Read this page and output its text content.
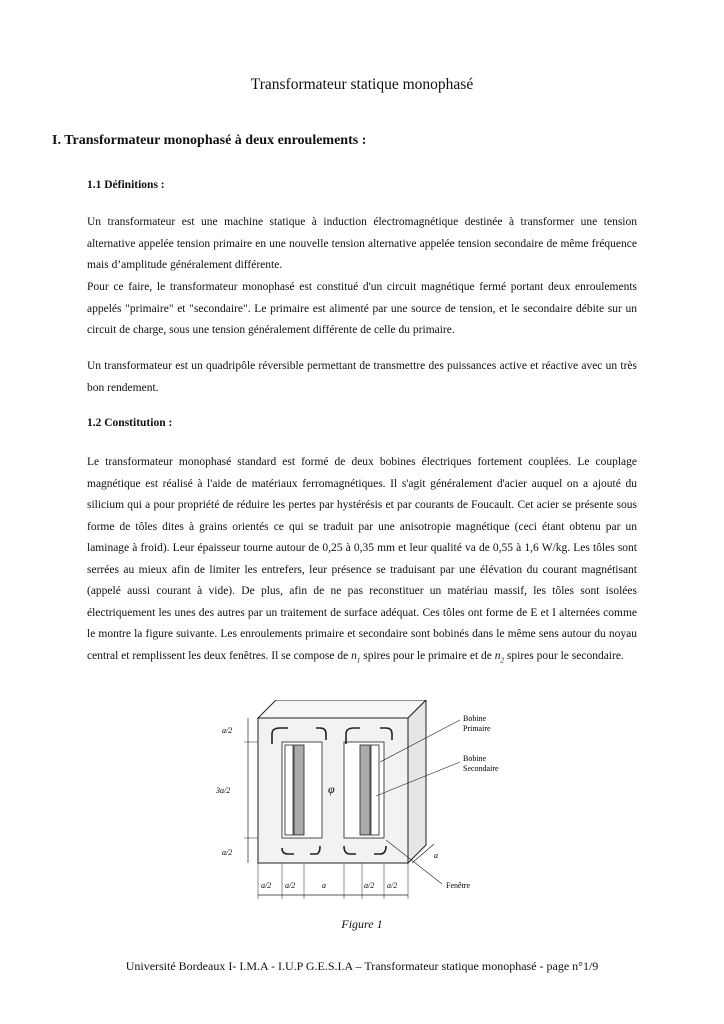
Transformateur statique monophasé
I. Transformateur monophasé à deux enroulements :
1.1 Définitions :

Un transformateur est une machine statique à induction électromagnétique destinée à transformer une tension alternative appelée tension primaire en une nouvelle tension alternative appelée tension secondaire de même fréquence mais d’amplitude généralement différente.

Pour ce faire, le transformateur monophasé est constitué d'un circuit magnétique fermé portant deux enroulements appelés "primaire" et "secondaire". Le primaire est alimenté par une source de tension, et le secondaire débite sur un circuit de charge, sous une tension généralement différente de celle du primaire.

Un transformateur est un quadripôle réversible permettant de transmettre des puissances active et réactive avec un très bon rendement.

1.2 Constitution :

Le transformateur monophasé standard est formé de deux bobines électriques fortement couplées. Le couplage magnétique est réalisé à l'aide de matériaux ferromagnétiques. Il s'agit généralement d'acier auquel on a ajouté du silicium qui a pour propriété de réduire les pertes par hystérésis et par courants de Foucault. Cet acier se présente sous forme de tôles dites à grains orientés ce qui se traduit par une anisotropie magnétique (ceci étant obtenu par un laminage à froid). Leur épaisseur tourne autour de 0,25 à 0,35 mm et leur qualité va de 0,55 à 1,6 W/kg. Les tôles sont serrées au mieux afin de limiter les entrefers, leur présence se traduisant par une élévation du courant magnétisant (appelé aussi courant à vide). De plus, afin de ne pas reconstituer un matériau massif, les tôles sont isolées électriquement les unes des autres par un traitement de surface adéquat. Ces tôles ont forme de E et I alternées comme le montre la figure suivante. Les enroulements primaire et secondaire sont bobinés dans le même sens autour du noyau central et remplissent les deux fenêtres. Il se compose de $n_1$ spires pour le primaire et de $n_2$ spires pour le secondaire.

φ
a/2
3a/2
a/2
a/2 a/2	a	a/2 a/2
a
Bobine
Primaire
Bobine
Secondaire
Fenêtre
Figure 1
Université Bordeaux I- I.M.A - I.U.P G.E.S.I.A – Transformateur statique monophasé - page n°1/9
